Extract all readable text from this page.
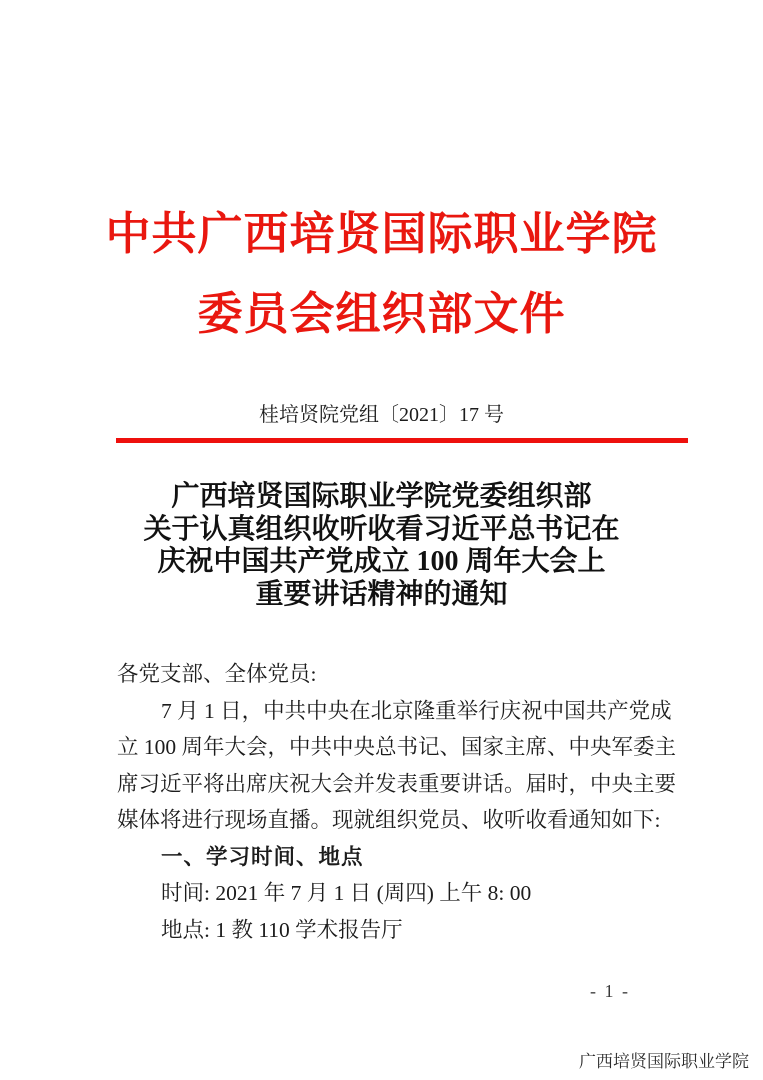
中共广西培贤国际职业学院
委员会组织部文件
桂培贤院党组〔2021〕17 号
广西培贤国际职业学院党委组织部
关于认真组织收听收看习近平总书记在
庆祝中国共产党成立 100 周年大会上
重要讲话精神的通知
各党支部、全体党员:
7 月 1 日，中共中央在北京隆重举行庆祝中国共产党成
立 100 周年大会，中共中央总书记、国家主席、中央军委主
席习近平将出席庆祝大会并发表重要讲话。届时，中央主要
媒体将进行现场直播。现就组织党员、收听收看通知如下:
一、学习时间、地点
时间: 2021 年 7 月 1 日 (周四) 上午 8: 00
地点: 1 教 110 学术报告厅
- 1 -
广西培贤国际职业学院
